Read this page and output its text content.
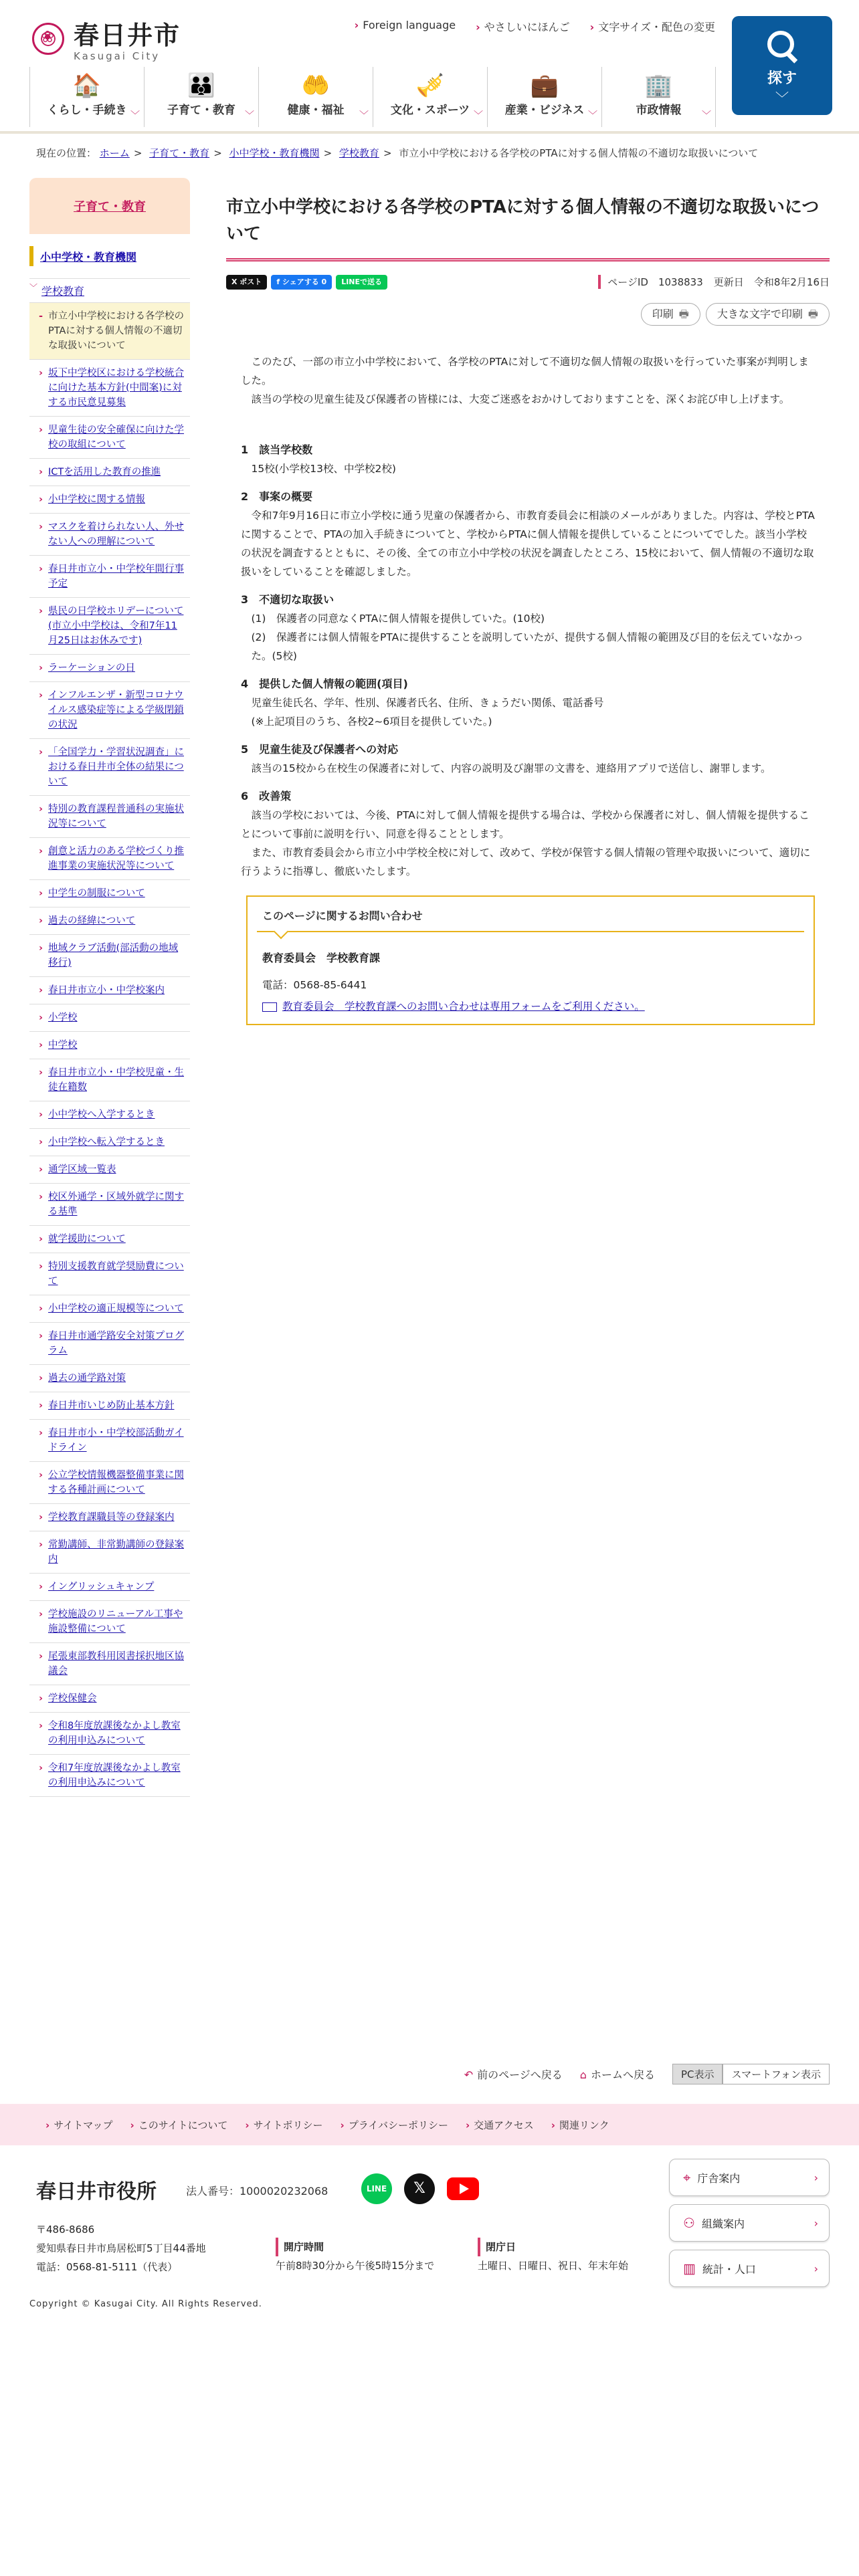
❀
春日井市
Kasugai City
› Foreign language	› やさしいにほんご	› 文字サイズ・配色の変更
探す
﹀
🏠
くらし・手続き ﹀
👪
子育て・教育 ﹀
🤲
健康・福祉 ﹀
🎺
文化・スポーツ ﹀
💼
産業・ビジネス ﹀
🏢
市政情報 ﹀
現在の位置： ホーム > 子育て・教育 > 小中学校・教育機関 > 学校教育 > 市立小中学校における各学校のPTAに対する個人情報の不適切な取扱いについて
子育て・教育
小中学校・教育機関
﹀ 学校教育
- 市立小中学校における各学校のPTAに対する個人情報の不適切な取扱いについて
› 坂下中学校区における学校統合に向けた基本方針(中間案)に対する市民意見募集
› 児童生徒の安全確保に向けた学校の取組について
› ICTを活用した教育の推進
› 小中学校に関する情報
› マスクを着けられない人、外せない人への理解について
› 春日井市立小・中学校年間行事予定
› 県民の日学校ホリデーについて(市立小中学校は、令和7年11月25日はお休みです)
› ラーケーションの日
› インフルエンザ・新型コロナウイルス感染症等による学級閉鎖の状況
› 「全国学力・学習状況調査」における春日井市全体の結果について
› 特別の教育課程普通科の実施状況等について
› 創意と活力のある学校づくり推進事業の実施状況等について
› 中学生の制服について
› 過去の経緯について
› 地域クラブ活動(部活動の地域移行)
› 春日井市立小・中学校案内
› 小学校
› 中学校
› 春日井市立小・中学校児童・生徒在籍数
› 小中学校へ入学するとき
› 小中学校へ転入学するとき
› 通学区域一覧表
› 校区外通学・区域外就学に関する基準
› 就学援助について
› 特別支援教育就学奨励費について
› 小中学校の適正規模等について
› 春日井市通学路安全対策プログラム
› 過去の通学路対策
› 春日井市いじめ防止基本方針
› 春日井市小・中学校部活動ガイドライン
› 公立学校情報機器整備事業に関する各種計画について
› 学校教育課職員等の登録案内
› 常勤講師、非常勤講師の登録案内
› イングリッシュキャンプ
› 学校施設のリニューアル工事や施設整備について
› 尾張東部教科用図書採択地区協議会
› 学校保健会
› 令和8年度放課後なかよし教室の利用申込みについて
› 令和7年度放課後なかよし教室の利用申込みについて
市立小中学校における各学校のPTAに対する個人情報の不適切な取扱いについて
X ポスト	f シェアする 0	LINEで送る	ページID　 1038833 更新日　 令和8年2月16日
印刷 🖶	大きな文字で印刷 🖶

このたび、一部の市立小中学校において、各学校のPTAに対して不適切な個人情報の取扱いを行っていた事案が判明しました。

該当の学校の児童生徒及び保護者の皆様には、大変ご迷惑をおかけしておりますことを、深くお詫び申し上げます。

1　該当学校数
15校(小学校13校、中学校2校)
2　事案の概要
令和7年9月16日に市立小学校に通う児童の保護者から、市教育委員会に相談のメールがありました。内容は、学校とPTAに関することで、PTAの加入手続きについてと、学校からPTAに個人情報を提供していることについてでした。該当小学校の状況を調査するとともに、その後、全ての市立小中学校の状況を調査したところ、15校において、個人情報の不適切な取扱いをしていることを確認しました。
3　不適切な取扱い
(1)　保護者の同意なくPTAに個人情報を提供していた。(10校)
(2)　保護者には個人情報をPTAに提供することを説明していたが、提供する個人情報の範囲及び目的を伝えていなかった。(5校)
4　提供した個人情報の範囲(項目)
児童生徒氏名、学年、性別、保護者氏名、住所、きょうだい関係、電話番号
(※上記項目のうち、各校2~6項目を提供していた。)
5　児童生徒及び保護者への対応
該当の15校から在校生の保護者に対して、内容の説明及び謝罪の文書を、連絡用アプリで送信し、謝罪します。
6　改善策
該当の学校においては、今後、PTAに対して個人情報を提供する場合は、学校から保護者に対し、個人情報を提供することについて事前に説明を行い、同意を得ることとします。
また、市教育委員会から市立小中学校全校に対して、改めて、学校が保管する個人情報の管理や取扱いについて、適切に行うように指導し、徹底いたします。
このページに関するお問い合わせ
教育委員会　学校教育課
電話：0568-85-6441
教育委員会　学校教育課へのお問い合わせは専用フォームをご利用ください。
↶ 前のページへ戻る	⌂ ホームへ戻る	PC表示	スマートフォン表示
› サイトマップ	› このサイトについて	› サイトポリシー	› プライバシーポリシー	› 交通アクセス	› 関連リンク
春日井市役所	法人番号：1000020232068	LINE	𝕏
〒486-8686
愛知県春日井市鳥居松町5丁目44番地
電話：0568-81-5111（代表）
開庁時間
午前8時30分から午後5時15分まで
閉庁日
土曜日、日曜日、祝日、年末年始
⌖ 庁舎案内	›
⚇ 組織案内	›
▥ 統計・人口	›
Copyright © Kasugai City. All Rights Reserved.
